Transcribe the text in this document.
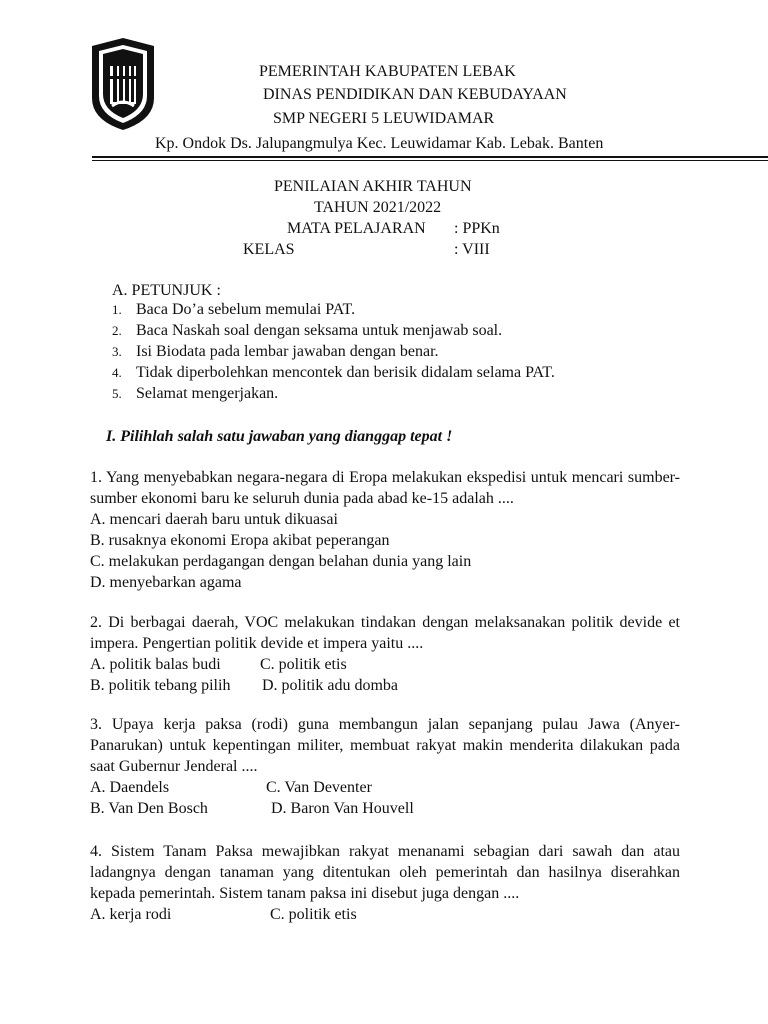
PEMERINTAH KABUPATEN LEBAK
DINAS PENDIDIKAN DAN KEBUDAYAAN
SMP NEGERI 5 LEUWIDAMAR
Kp. Ondok Ds. Jalupangmulya Kec. Leuwidamar Kab. Lebak. Banten
PENILAIAN AKHIR TAHUN
TAHUN 2021/2022
MATA PELAJARAN : PPKn
KELAS	: VIII
A. PETUNJUK :
1. Baca Do’a sebelum memulai PAT.
2. Baca Naskah soal dengan seksama untuk menjawab soal.
3. Isi Biodata pada lembar jawaban dengan benar.
4. Tidak diperbolehkan mencontek dan berisik didalam selama PAT.
5. Selamat mengerjakan.
I. Pilihlah salah satu jawaban yang dianggap tepat !

1. Yang menyebabkan negara-negara di Eropa melakukan ekspedisi untuk mencari sumber-sumber ekonomi baru ke seluruh dunia pada abad ke-15 adalah ....

A. mencari daerah baru untuk dikuasai

B. rusaknya ekonomi Eropa akibat peperangan

C. melakukan perdagangan dengan belahan dunia yang lain

D. menyebarkan agama

2. Di berbagai daerah, VOC melakukan tindakan dengan melaksanakan politik devide et impera. Pengertian politik devide et impera yaitu ....

A. politik balas budi	C. politik etis
B. politik tebang pilih	D. politik adu domba

3. Upaya kerja paksa (rodi) guna membangun jalan sepanjang pulau Jawa (Anyer-Panarukan) untuk kepentingan militer, membuat rakyat makin menderita dilakukan pada saat Gubernur Jenderal ....

A. Daendels	C. Van Deventer
B. Van Den Bosch	D. Baron Van Houvell

4. Sistem Tanam Paksa mewajibkan rakyat menanami sebagian dari sawah dan atau ladangnya dengan tanaman yang ditentukan oleh pemerintah dan hasilnya diserahkan kepada pemerintah. Sistem tanam paksa ini disebut juga dengan ....

A. kerja rodi	C. politik etis
